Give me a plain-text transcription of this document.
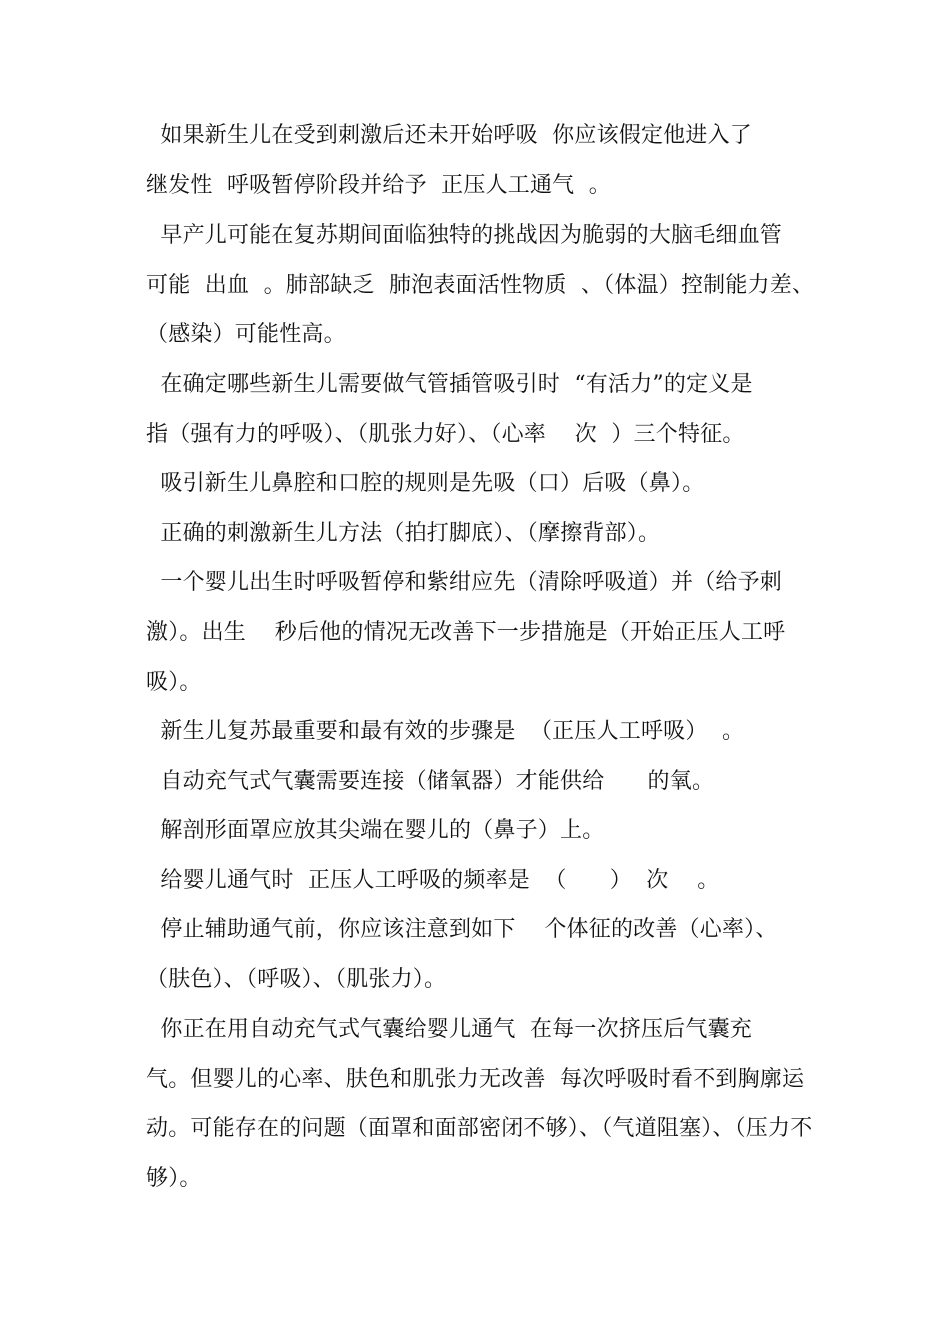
如果新生儿在受到刺激后还未开始呼吸  你应该假定他进入了
继发性  呼吸暂停阶段并给予  正压人工通气  。
早产儿可能在复苏期间面临独特的挑战因为脆弱的大脑毛细血管
可能  出血  。肺部缺乏  肺泡表面活性物质  、（体温）控制能力差、
（感染）可能性高。
在确定哪些新生儿需要做气管插管吸引时  “有活力”的定义是
指（强有力的呼吸）、（肌张力好）、（心率    次  ）三个特征。
吸引新生儿鼻腔和口腔的规则是先吸（口）后吸（鼻）。
正确的刺激新生儿方法（拍打脚底）、（摩擦背部）。
一个婴儿出生时呼吸暂停和紫绀应先（清除呼吸道）并（给予刺
激）。出生    秒后他的情况无改善下一步措施是（开始正压人工呼
吸）。
新生儿复苏最重要和最有效的步骤是  （正压人工呼吸）  。
自动充气式气囊需要连接（储氧器）才能供给      的氧。
解剖形面罩应放其尖端在婴儿的（鼻子）上。
给婴儿通气时  正压人工呼吸的频率是  （      ）  次    。
停止辅助通气前，你应该注意到如下    个体征的改善（心率）、
（肤色）、（呼吸）、（肌张力）。
你正在用自动充气式气囊给婴儿通气  在每一次挤压后气囊充
气。但婴儿的心率、肤色和肌张力无改善  每次呼吸时看不到胸廓运
动。可能存在的问题（面罩和面部密闭不够）、（气道阻塞）、（压力不
够）。
